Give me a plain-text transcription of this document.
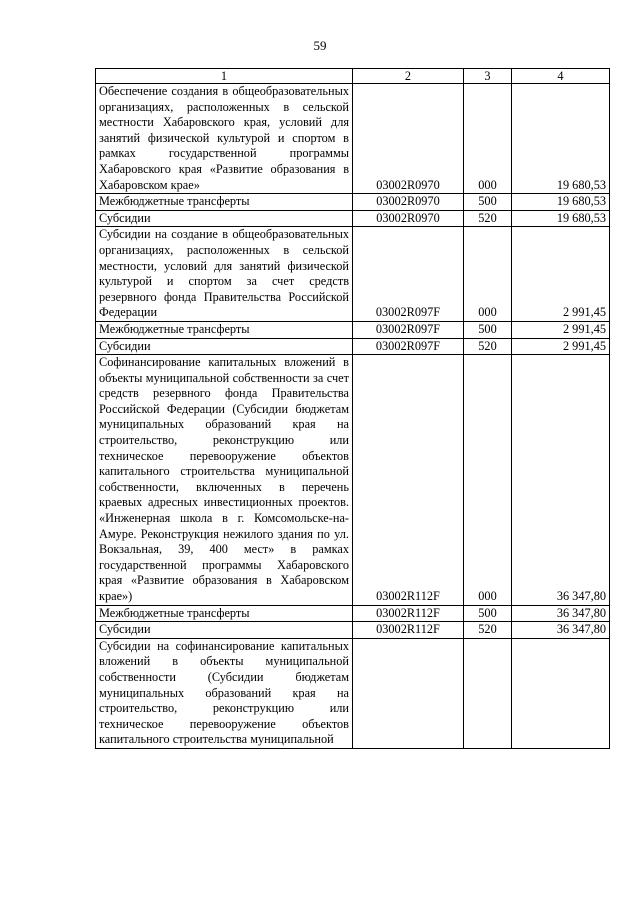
59
1	2	3	4
Обеспечение создания в общеобразовательных организациях, расположенных в сельской местности Хабаровского края, условий для занятий физической культурой и спортом в рамках государственной программы Хабаровского края «Развитие образования в Хабаровском крае»	03002R0970	000	19 680,53
Межбюджетные трансферты	03002R0970	500	19 680,53
Субсидии	03002R0970	520	19 680,53
Субсидии на создание в общеобразовательных организациях, расположенных в сельской местности, условий для занятий физической культурой и спортом за счет средств резервного фонда Правительства Российской Федерации	03002R097F	000	2 991,45
Межбюджетные трансферты	03002R097F	500	2 991,45
Субсидии	03002R097F	520	2 991,45
Софинансирование капитальных вложений в объекты муниципальной собственности за счет средств резервного фонда Правительства Российской Федерации (Субсидии бюджетам муниципальных образований края на строительство, реконструкцию или техническое перевооружение объектов капитального строительства муниципальной собственности, включенных в перечень краевых адресных инвестиционных проектов. «Инженерная школа в г. Комсомольске-на-Амуре. Реконструкция нежилого здания по ул. Вокзальная, 39, 400 мест» в рамках государственной программы Хабаровского края «Развитие образования в Хабаровском крае»)	03002R112F	000	36 347,80
Межбюджетные трансферты	03002R112F	500	36 347,80
Субсидии	03002R112F	520	36 347,80
Субсидии на софинансирование капитальных вложений в объекты муниципальной собственности (Субсидии бюджетам муниципальных образований края на строительство, реконструкцию или техническое перевооружение объектов капитального строительства муниципальной			
